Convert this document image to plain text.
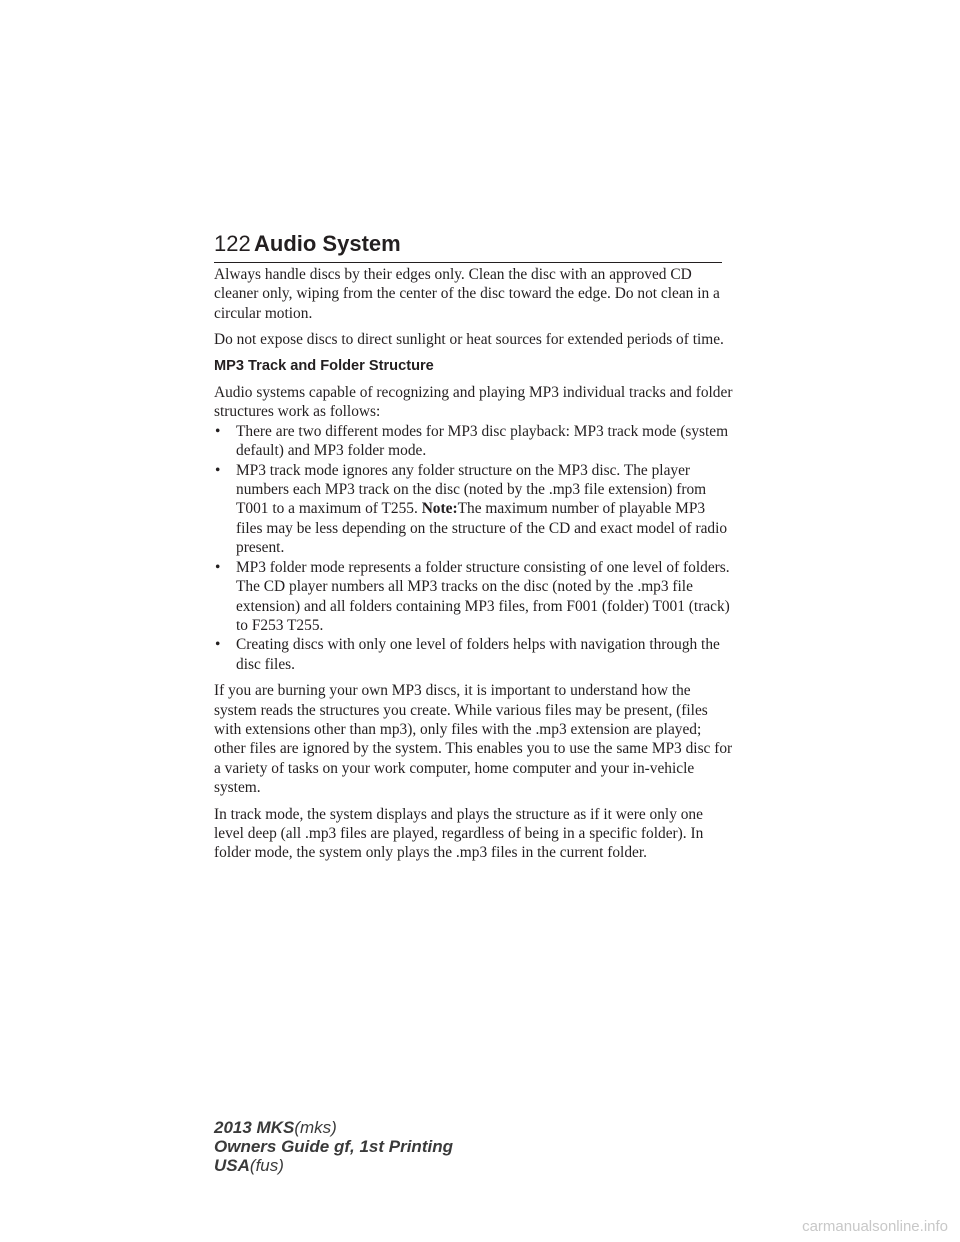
122 Audio System

Always handle discs by their edges only. Clean the disc with an approved CD cleaner only, wiping from the center of the disc toward the edge. Do not clean in a circular motion.

Do not expose discs to direct sunlight or heat sources for extended periods of time.

MP3 Track and Folder Structure

Audio systems capable of recognizing and playing MP3 individual tracks and folder structures work as follows:

• There are two different modes for MP3 disc playback: MP3 track mode (system default) and MP3 folder mode.
• MP3 track mode ignores any folder structure on the MP3 disc. The player numbers each MP3 track on the disc (noted by the .mp3 file extension) from T001 to a maximum of T255. Note:The maximum number of playable MP3 files may be less depending on the structure of the CD and exact model of radio present.
• MP3 folder mode represents a folder structure consisting of one level of folders. The CD player numbers all MP3 tracks on the disc (noted by the .mp3 file extension) and all folders containing MP3 files, from F001 (folder) T001 (track) to F253 T255.
• Creating discs with only one level of folders helps with navigation through the disc files.

If you are burning your own MP3 discs, it is important to understand how the system reads the structures you create. While various files may be present, (files with extensions other than mp3), only files with the .mp3 extension are played; other files are ignored by the system. This enables you to use the same MP3 disc for a variety of tasks on your work computer, home computer and your in-vehicle system.

In track mode, the system displays and plays the structure as if it were only one level deep (all .mp3 files are played, regardless of being in a specific folder). In folder mode, the system only plays the .mp3 files in the current folder.

2013 MKS(mks)
Owners Guide gf, 1st Printing
USA(fus)
carmanualsonline.info
